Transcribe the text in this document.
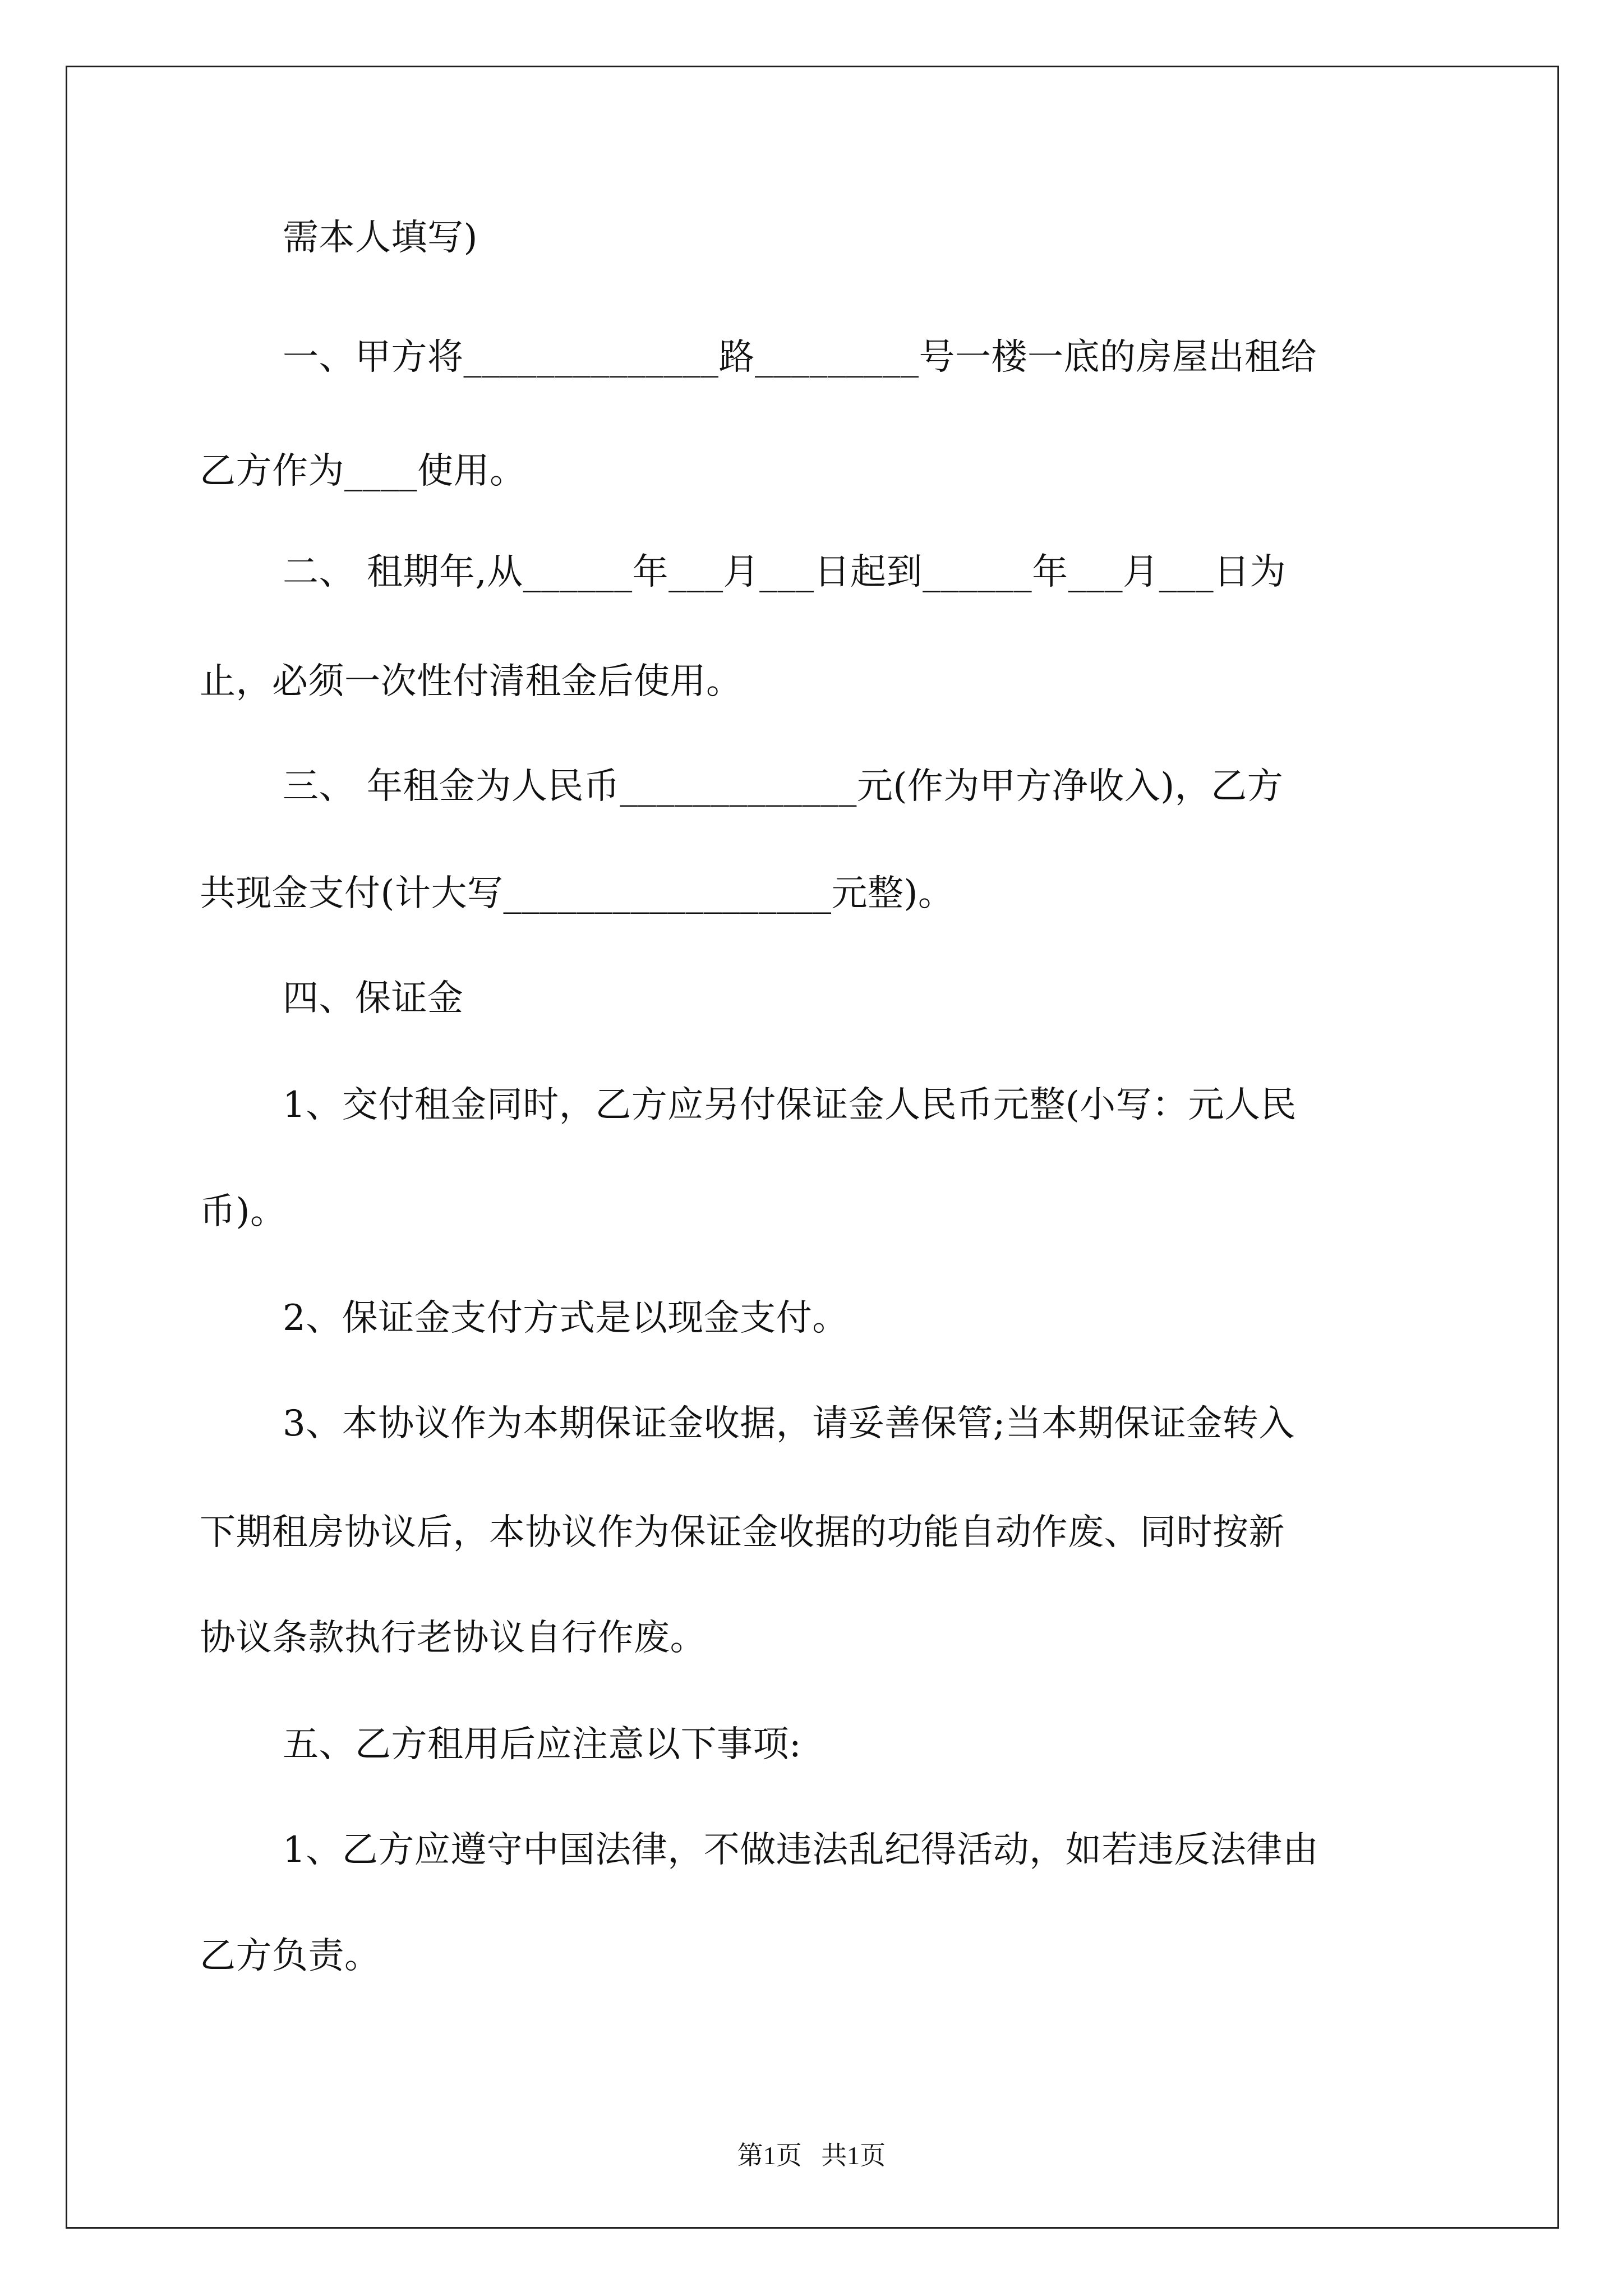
需本人填写)
一、甲方将______________路_________号一楼一底的房屋出租给
乙方作为____使用。
二、 租期年,从______年___月___日起到______年___月___日为
止，必须一次性付清租金后使用。
三、 年租金为人民币_____________元(作为甲方净收入)，乙方
共现金支付(计大写__________________元整)。
四、保证金
1、交付租金同时，乙方应另付保证金人民币元整(小写：元人民
币)。
2、保证金支付方式是以现金支付。
3、本协议作为本期保证金收据，请妥善保管;当本期保证金转入
下期租房协议后，本协议作为保证金收据的功能自动作废、同时按新
协议条款执行老协议自行作废。
五、乙方租用后应注意以下事项:
1、乙方应遵守中国法律，不做违法乱纪得活动，如若违反法律由
乙方负责。
第1页   共1页
